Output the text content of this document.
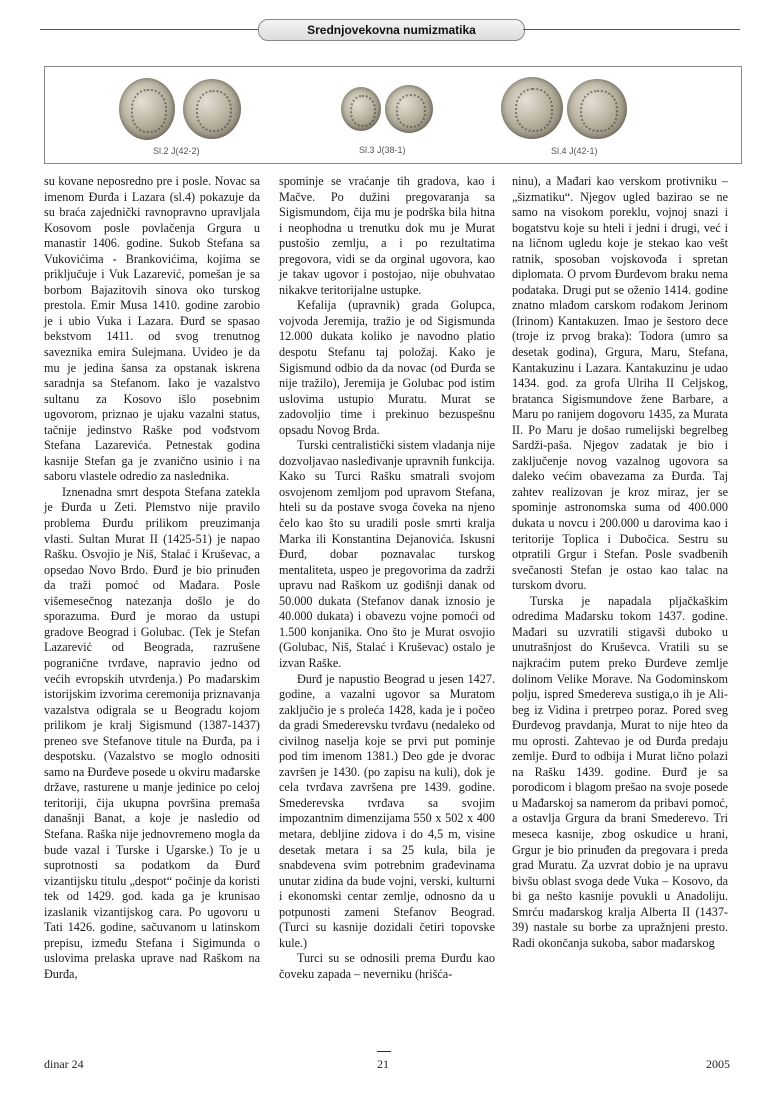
Srednjovekovna numizmatika
Sl.2 J(42-2)	Sl.3 J(38-1)	Sl.4 J(42-1)

su kovane neposredno pre i posle. Novac sa imenom Đurđa i Lazara (sl.4) pokazuje da su braća zajednički ravnopravno upravljala Kosovom posle povlačenja Grgura u manastir 1406. godine. Sukob Stefana sa Vukovićima - Brankovićima, kojima se priključuje i Vuk Lazarević, pomešan je sa borbom Bajazitovih sinova oko turskog prestola. Emir Musa 1410. godine zarobio je i ubio Vuka i Lazara. Đurđ se spasao bekstvom 1411. od svog trenutnog saveznika emira Sulejmana. Uvideo je da mu je jedina šansa za opstanak iskrena saradnja sa Stefanom. Iako je vazalstvo sultanu za Kosovo išlo posebnim ugovorom, priznao je ujaku vazalni status, tačnije jedinstvo Raške pod vođstvom Stefana Lazarevića. Petnestak godina kasnije Stefan ga je zvanično usinio i na saboru vlastele odredio za naslednika.

Iznenadna smrt despota Stefana zatekla je Đurđa u Zeti. Plemstvo nije pravilo problema Đurđu prilikom preuzimanja vlasti. Sultan Murat II (1425-51) je napao Rašku. Osvojio je Niš, Stalać i Kruševac, a opsedao Novo Brdo. Đurđ je bio prinuđen da traži pomoć od Mađara. Posle višemesečnog natezanja došlo je do sporazuma. Đurđ je morao da ustupi gradove Beograd i Golubac. (Tek je Stefan Lazarević od Beograda, razrušene pogranične tvrđave, napravio jedno od većih evropskih utvrđenja.) Po mađarskim istorijskim izvorima ceremonija priznavanja vazalstva odigrala se u Beogradu kojom prilikom je kralj Sigismund (1387-1437) preneo sve Stefanove titule na Đurđa, pa i despotsku. (Vazalstvo se moglo odnositi samo na Đurđeve posede u okviru mađarske države, rasturene u manje jedinice po celoj teritoriji, čija ukupna površina premaša današnji Banat, a koje je nasledio od Stefana. Raška nije jednovremeno mogla da bude vazal i Turske i Ugarske.) To je u suprotnosti sa podatkom da Đurđ vizantijsku titulu „despot“ počinje da koristi tek od 1429. god. kada ga je krunisao izaslanik vizantijskog cara. Po ugovoru u Tati 1426. godine, sačuvanom u latinskom prepisu, između Stefana i Sigimunda o uslovima prelaska uprave nad Raškom na Đurđa,

spominje se vraćanje tih gradova, kao i Mačve. Po dužini pregovaranja sa Sigismundom, čija mu je podrška bila hitna i neophodna u trenutku dok mu je Murat pustošio zemlju, a i po rezultatima pregovora, vidi se da orginal ugovora, kao je takav ugovor i postojao, nije obuhvatao nikakve teritorijalne ustupke.

Kefalija (upravnik) grada Golupca, vojvoda Jeremija, tražio je od Sigismunda 12.000 dukata koliko je navodno platio despotu Stefanu taj položaj. Kako je Sigismund odbio da da novac (od Đurđa se nije tražilo), Jeremija je Golubac pod istim uslovima ustupio Muratu. Murat se zadovoljio time i prekinuo bezuspešnu opsadu Novog Brda.

Turski centralistički sistem vladanja nije dozvoljavao nasleđivanje upravnih funkcija. Kako su Turci Rašku smatrali svojom osvojenom zemljom pod upravom Stefana, hteli su da postave svoga čoveka na njeno čelo kao što su uradili posle smrti kralja Marka ili Konstantina Dejanovića. Iskusni Đurđ, dobar poznavalac turskog mentaliteta, uspeo je pregovorima da zadrži upravu nad Raškom uz godišnji danak od 50.000 dukata (Stefanov danak iznosio je 40.000 dukata) i obavezu vojne pomoći od 1.500 konjanika. Ono što je Murat osvojio (Golubac, Niš, Stalać i Kruševac) ostalo je izvan Raške.

Đurđ je napustio Beograd u jesen 1427. godine, a vazalni ugovor sa Muratom zaključio je s proleća 1428, kada je i počeo da gradi Smederevsku tvrđavu (nedaleko od civilnog naselja koje se prvi put pominje pod tim imenom 1381.) Deo gde je dvorac završen je 1430. (po zapisu na kuli), dok je cela tvrđava završena pre 1439. godine. Smederevska tvrđava sa svojim impozantnim dimenzijama 550 x 502 x 400 metara, debljine zidova i do 4,5 m, visine desetak metara i sa 25 kula, bila je snabdevena svim potrebnim građevinama unutar zidina da bude vojni, verski, kulturni i ekonomski centar zemlje, odnosno da u potpunosti zameni Stefanov Beograd. (Turci su kasnije dozidali četiri topovske kule.)

Turci su se odnosili prema Đurđu kao čoveku zapada – neverniku (hrišća-

ninu), a Mađari kao verskom protivniku – „šizmatiku“. Njegov ugled bazirao se ne samo na visokom poreklu, vojnoj snazi i bogatstvu koje su hteli i jedni i drugi, već i na ličnom ugledu koje je stekao kao vešt ratnik, sposoban vojskovođa i spretan diplomata. O prvom Đurđevom braku nema podataka. Drugi put se oženio 1414. godine znatno mlađom carskom rođakom Jerinom (Irinom) Kantakuzen. Imao je šestoro dece (troje iz prvog braka): Todora (umro sa desetak godina), Grgura, Maru, Stefana, Kantakuzinu i Lazara. Kantakuzinu je udao 1434. god. za grofa Ulriha II Celjskog, bratanca Sigismundove žene Barbare, a Maru po ranijem dogovoru 1435, za Murata II. Po Maru je došao rumelijski begrelbeg Sardži-paša. Njegov zadatak je bio i zaključenje novog vazalnog ugovora sa daleko većim obavezama za Đurđa. Taj zahtev realizovan je kroz miraz, jer se spominje astronomska suma od 400.000 dukata u novcu i 200.000 u darovima kao i teritorije Toplica i Dubočica. Sestru su otpratili Grgur i Stefan. Posle svadbenih svečanosti Stefan je ostao kao talac na turskom dvoru.

Turska je napadala pljačkaškim odredima Mađarsku tokom 1437. godine. Mađari su uzvratili stigavši duboko u unutrašnjost do Kruševca. Vratili su se najkraćim putem preko Đurđeve zemlje dolinom Velike Morave. Na Godominskom polju, ispred Smedereva sustiga,o ih je Ali-beg iz Vidina i pretrpeo poraz. Pored sveg Đurđevog pravdanja, Murat to nije hteo da mu oprosti. Zahtevao je od Đurđa predaju zemlje. Đurđ to odbija i Murat lično polazi na Rašku 1439. godine. Đurđ je sa porodicom i blagom prešao na svoje posede u Mađarskoj sa namerom da pribavi pomoć, a ostavlja Grgura da brani Smederevo. Tri meseca kasnije, zbog oskudice u hrani, Grgur je bio prinuđen da pregovara i preda grad Muratu. Za uzvrat dobio je na upravu bivšu oblast svoga dede Vuka – Kosovo, da bi ga nešto kasnije povukli u Anadoliju. Smrću mađarskog kralja Alberta II (1437-39) nastale su borbe za upražnjeni presto. Radi okončanja sukoba, sabor mađarskog

dinar 24	21	2005
